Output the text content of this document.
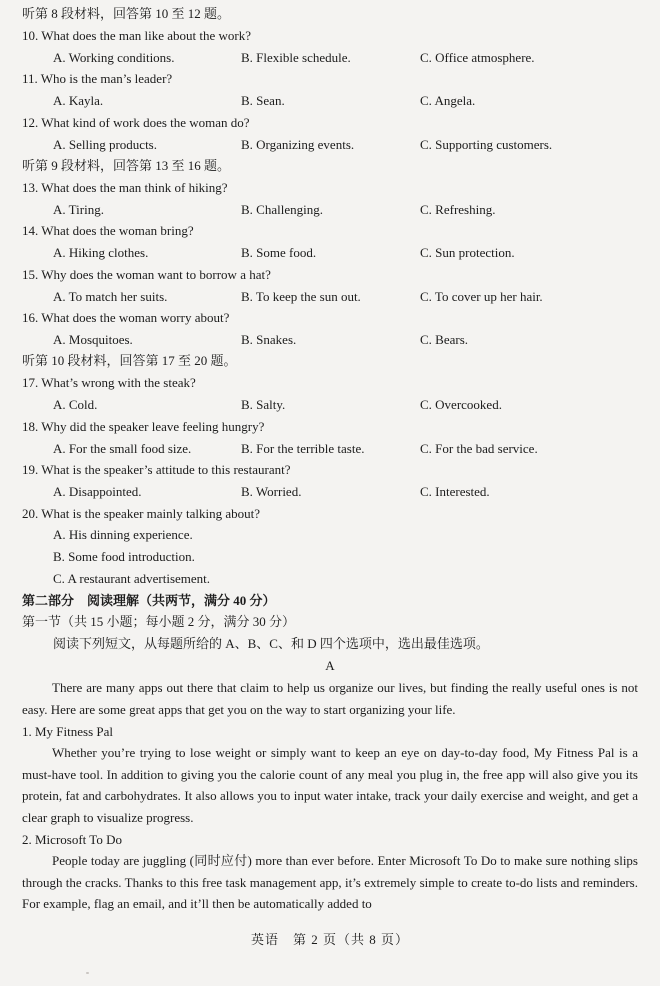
听第 8 段材料，回答第 10 至 12 题。
10. What does the man like about the work?
A. Working conditions.	B. Flexible schedule.	C. Office atmosphere.
11. Who is the man’s leader?
A. Kayla.	B. Sean.	C. Angela.
12. What kind of work does the woman do?
A. Selling products.	B. Organizing events.	C. Supporting customers.
听第 9 段材料，回答第 13 至 16 题。
13. What does the man think of hiking?
A. Tiring.	B. Challenging.	C. Refreshing.
14. What does the woman bring?
A. Hiking clothes.	B. Some food.	C. Sun protection.
15. Why does the woman want to borrow a hat?
A. To match her suits.	B. To keep the sun out.	C. To cover up her hair.
16. What does the woman worry about?
A. Mosquitoes.	B. Snakes.	C. Bears.
听第 10 段材料，回答第 17 至 20 题。
17. What’s wrong with the steak?
A. Cold.	B. Salty.	C. Overcooked.
18. Why did the speaker leave feeling hungry?
A. For the small food size.	B. For the terrible taste.	C. For the bad service.
19. What is the speaker’s attitude to this restaurant?
A. Disappointed.	B. Worried.	C. Interested.
20. What is the speaker mainly talking about?
A. His dinning experience.
B. Some food introduction.
C. A restaurant advertisement.
第二部分　阅读理解（共两节，满分 40 分）
第一节（共 15 小题；每小题 2 分，满分 30 分）
阅读下列短文，从每题所给的 A、B、C、和 D 四个选项中，选出最佳选项。
A
There are many apps out there that claim to help us organize our lives, but finding the really useful ones is not easy. Here are some great apps that get you on the way to start organizing your life.
1. My Fitness Pal
Whether you’re trying to lose weight or simply want to keep an eye on day-to-day food, My Fitness Pal is a must-have tool. In addition to giving you the calorie count of any meal you plug in, the free app will also give you its protein, fat and carbohydrates. It also allows you to input water intake, track your daily exercise and weight, and get a clear graph to visualize progress.
2. Microsoft To Do
People today are juggling (同时应付) more than ever before. Enter Microsoft To Do to make sure nothing slips through the cracks. Thanks to this free task management app, it’s extremely simple to create to-do lists and reminders. For example, flag an email, and it’ll then be automatically added to
英语　第 2 页（共 8 页）
